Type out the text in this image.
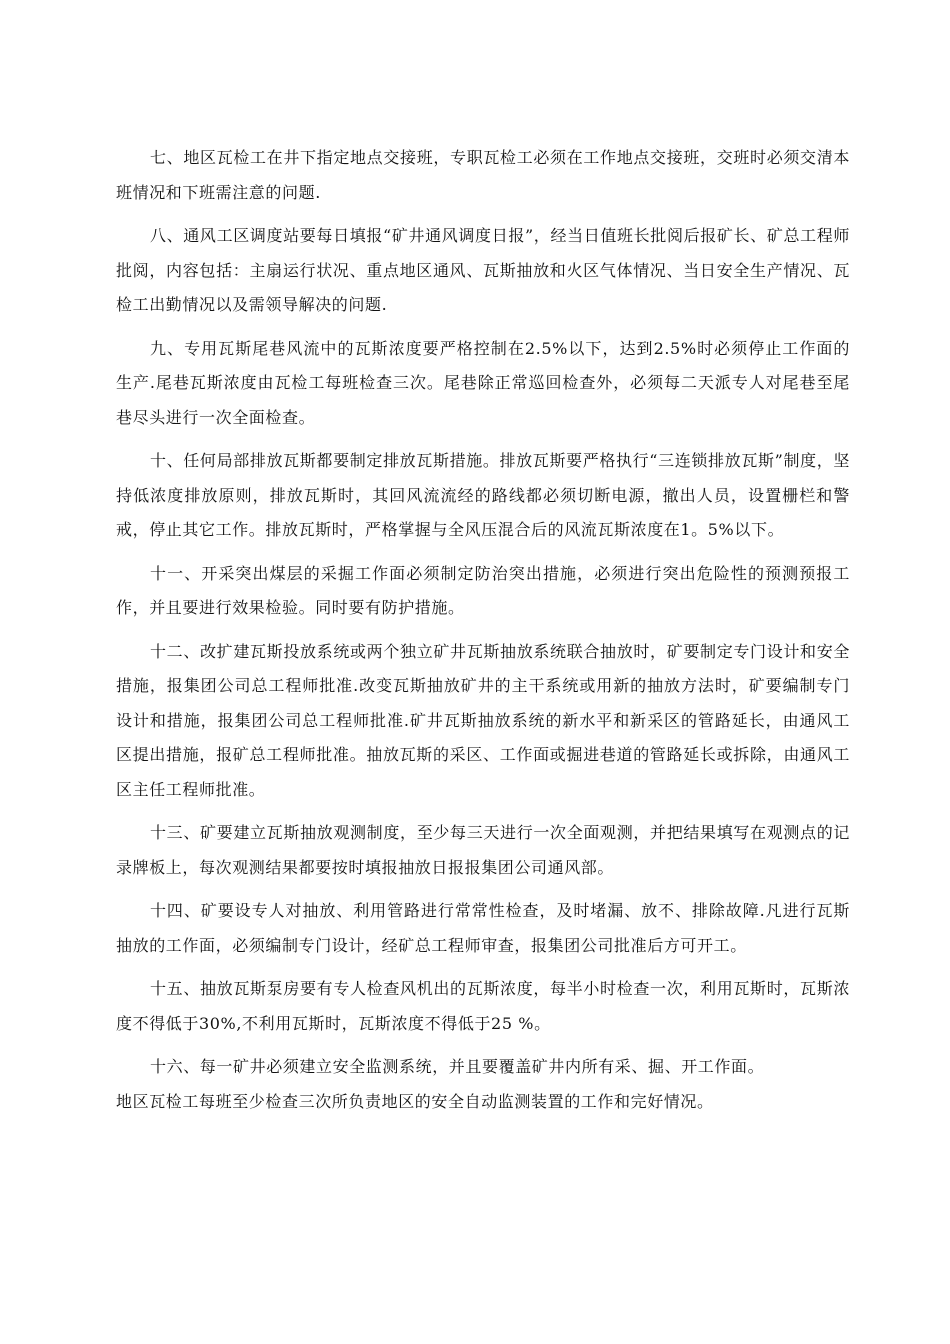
七、地区瓦检工在井下指定地点交接班，专职瓦检工必须在工作地点交接班，交班时必须交清本班情况和下班需注意的问题.

八、通风工区调度站要每日填报“矿井通风调度日报”，经当日值班长批阅后报矿长、矿总工程师批阅，内容包括：主扇运行状况、重点地区通风、瓦斯抽放和火区气体情况、当日安全生产情况、瓦检工出勤情况以及需领导解决的问题.

九、专用瓦斯尾巷风流中的瓦斯浓度要严格控制在2.5%以下，达到2.5%时必须停止工作面的生产.尾巷瓦斯浓度由瓦检工每班检查三次。尾巷除正常巡回检查外，必须每二天派专人对尾巷至尾巷尽头进行一次全面检查。

十、任何局部排放瓦斯都要制定排放瓦斯措施。排放瓦斯要严格执行“三连锁排放瓦斯”制度，坚持低浓度排放原则，排放瓦斯时，其回风流流经的路线都必须切断电源，撤出人员，设置栅栏和警戒，停止其它工作。排放瓦斯时，严格掌握与全风压混合后的风流瓦斯浓度在1。5%以下。

十一、开采突出煤层的采掘工作面必须制定防治突出措施，必须进行突出危险性的预测预报工作，并且要进行效果检验。同时要有防护措施。

十二、改扩建瓦斯投放系统或两个独立矿井瓦斯抽放系统联合抽放时，矿要制定专门设计和安全措施，报集团公司总工程师批准.改变瓦斯抽放矿井的主干系统或用新的抽放方法时，矿要编制专门设计和措施，报集团公司总工程师批准.矿井瓦斯抽放系统的新水平和新采区的管路延长，由通风工区提出措施，报矿总工程师批准。抽放瓦斯的采区、工作面或掘进巷道的管路延长或拆除，由通风工区主任工程师批准。

十三、矿要建立瓦斯抽放观测制度，至少每三天进行一次全面观测，并把结果填写在观测点的记录牌板上，每次观测结果都要按时填报抽放日报报集团公司通风部。

十四、矿要设专人对抽放、利用管路进行常常性检查，及时堵漏、放不、排除故障.凡进行瓦斯抽放的工作面，必须编制专门设计，经矿总工程师审查，报集团公司批准后方可开工。

十五、抽放瓦斯泵房要有专人检查风机出的瓦斯浓度，每半小时检查一次，利用瓦斯时，瓦斯浓度不得低于30%,不利用瓦斯时，瓦斯浓度不得低于25 %。

十六、每一矿井必须建立安全监测系统，并且要覆盖矿井内所有采、掘、开工作面。

地区瓦检工每班至少检查三次所负责地区的安全自动监测装置的工作和完好情况。
